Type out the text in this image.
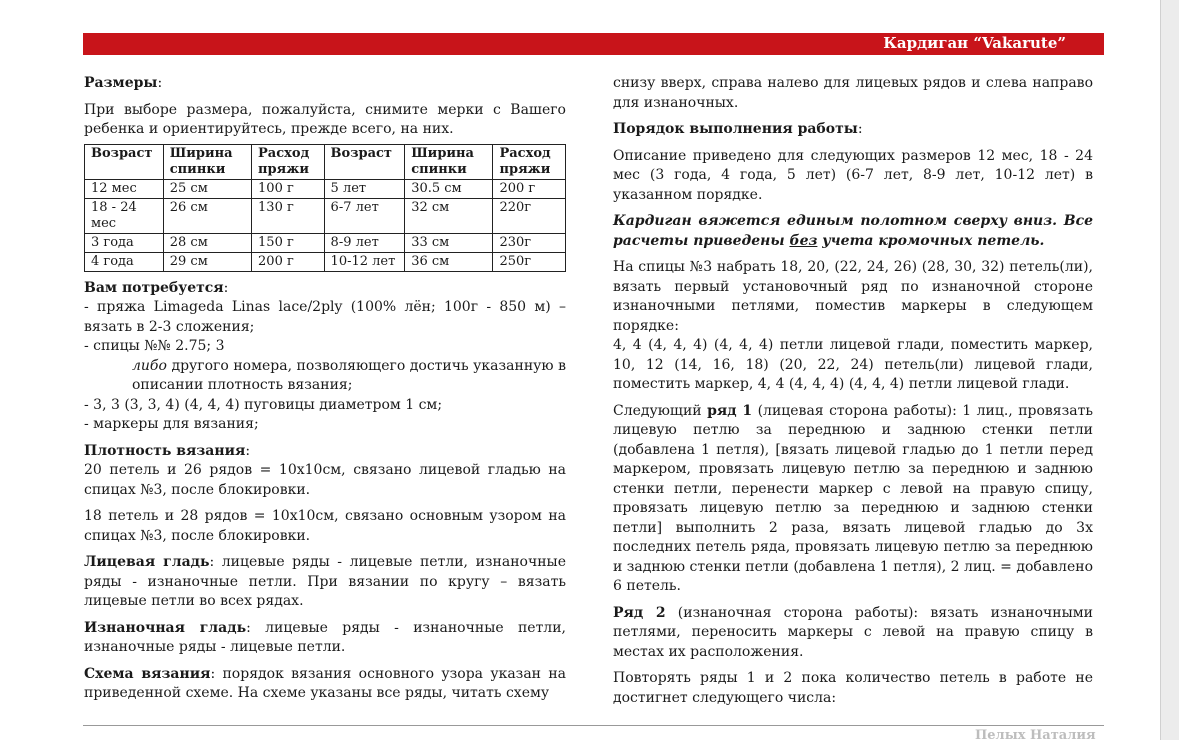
Кардиган “Vakarute”

Размеры:

При выборе размера, пожалуйста, снимите мерки с Вашего ребенка и ориентируйтесь, прежде всего, на них.

Возраст	Ширина спинки	Расход пряжи	Возраст	Ширина спинки	Расход пряжи
12 мес	25 см	100 г	5 лет	30.5 см	200 г
18 - 24 мес	26 см	130 г	6-7 лет	32 см	220г
3 года	28 см	150 г	8-9 лет	33 см	230г
4 года	29 см	200 г	10-12 лет	36 см	250г

Вам потребуется:

- пряжа Limageda Linas lace/2ply (100% лён; 100г - 850 м) – вязать в 2-3 сложения;

- спицы №№ 2.75; 3

либо другого номера, позволяющего достичь указанную в описании плотность вязания;

- 3, 3 (3, 3, 4) (4, 4, 4) пуговицы диаметром 1 см;

- маркеры для вязания;

Плотность вязания:

20 петель и 26 рядов = 10х10см, связано лицевой гладью на спицах №3, после блокировки.

18 петель и 28 рядов = 10х10см, связано основным узором на спицах №3, после блокировки.

Лицевая гладь: лицевые ряды - лицевые петли, изнаночные ряды - изнаночные петли. При вязании по кругу – вязать лицевые петли во всех рядах.

Изнаночная гладь: лицевые ряды - изнаночные петли, изнаночные ряды - лицевые петли.

Схема вязания: порядок вязания основного узора указан на приведенной схеме. На схеме указаны все ряды, читать схему

снизу вверх, справа налево для лицевых рядов и слева направо для изнаночных.

Порядок выполнения работы:

Описание приведено для следующих размеров 12 мес, 18 - 24 мес (3 года, 4 года, 5 лет) (6-7 лет, 8-9 лет, 10-12 лет) в указанном порядке.

Кардиган вяжется единым полотном сверху вниз. Все расчеты приведены без учета кромочных петель.

На спицы №3 набрать 18, 20, (22, 24, 26) (28, 30, 32) петель(ли), вязать первый установочный ряд по изнаночной стороне изнаночными петлями, поместив маркеры в следующем порядке:

4, 4 (4, 4, 4) (4, 4, 4) петли лицевой глади, поместить маркер, 10, 12 (14, 16, 18) (20, 22, 24) петель(ли) лицевой глади, поместить маркер, 4, 4 (4, 4, 4) (4, 4, 4) петли лицевой глади.

Следующий ряд 1 (лицевая сторона работы): 1 лиц., провязать лицевую петлю за переднюю и заднюю стенки петли (добавлена 1 петля), [вязать лицевой гладью до 1 петли перед маркером, провязать лицевую петлю за переднюю и заднюю стенки петли, перенести маркер с левой на правую спицу, провязать лицевую петлю за переднюю и заднюю стенки петли] выполнить 2 раза, вязать лицевой гладью до 3х последних петель ряда, провязать лицевую петлю за переднюю и заднюю стенки петли (добавлена 1 петля), 2 лиц. = добавлено 6 петель.

Ряд 2 (изнаночная сторона работы): вязать изнаночными петлями, переносить маркеры с левой на правую спицу в местах их расположения.

Повторять ряды 1 и 2 пока количество петель в работе не достигнет следующего числа:

Пелых Наталия
